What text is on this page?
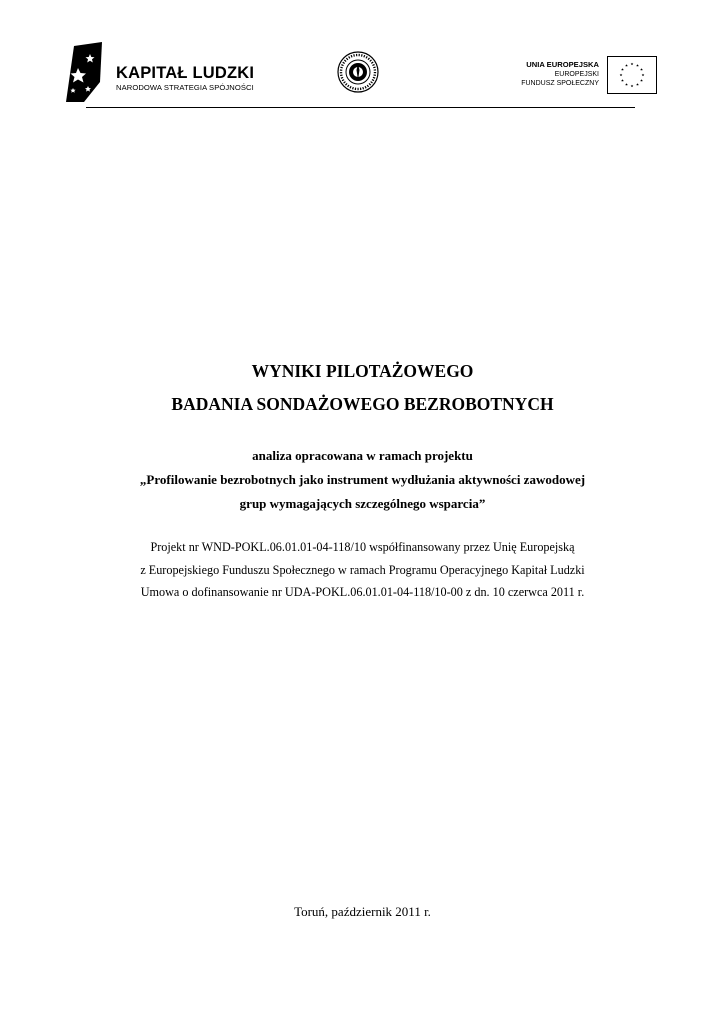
KAPITAŁ LUDZKI
NARODOWA STRATEGIA SPÓJNOŚCI
UNIA EUROPEJSKA
EUROPEJSKI
FUNDUSZ SPOŁECZNY
WYNIKI PILOTAŻOWEGO
BADANIA SONDAŻOWEGO BEZROBOTNYCH
analiza opracowana w ramach projektu
„Profilowanie bezrobotnych jako instrument wydłużania aktywności zawodowej
grup wymagających szczególnego wsparcia”
Projekt nr WND-POKL.06.01.01-04-118/10 współfinansowany przez Unię Europejską
z Europejskiego Funduszu Społecznego w ramach Programu Operacyjnego Kapitał Ludzki
Umowa o dofinansowanie nr UDA-POKL.06.01.01-04-118/10-00 z dn. 10 czerwca 2011 r.
Toruń, październik 2011 r.
